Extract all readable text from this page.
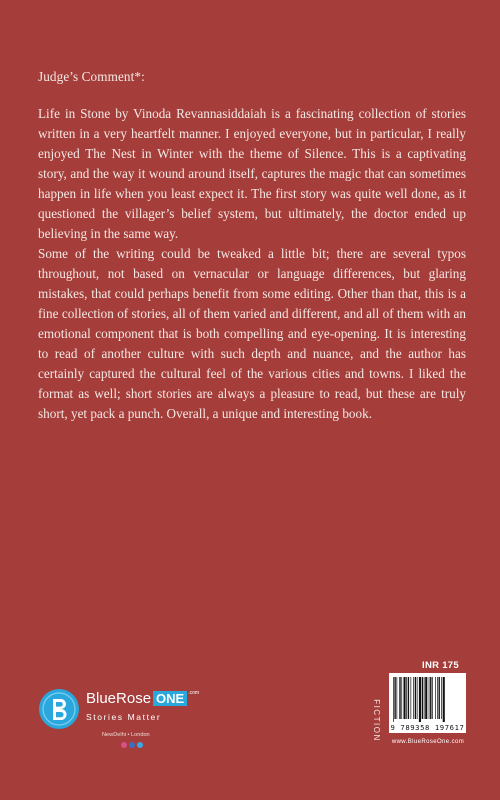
Judge’s Comment*:

Life in Stone by Vinoda Revannasiddaiah is a fascinating collection of stories written in a very heartfelt manner. I enjoyed everyone, but in particular, I really enjoyed The Nest in Winter with the theme of Silence. This is a captivating story, and the way it wound around itself, captures the magic that can sometimes happen in life when you least expect it. The first story was quite well done, as it questioned the villager’s belief system, but ultimately, the doctor ended up believing in the same way.

Some of the writing could be tweaked a little bit; there are several typos throughout, not based on vernacular or language differences, but glaring mistakes, that could perhaps benefit from some editing. Other than that, this is a fine collection of stories, all of them varied and different, and all of them with an emotional component that is both compelling and eye-opening. It is interesting to read of another culture with such depth and nuance, and the author has certainly captured the cultural feel of the various cities and towns. I liked the format as well; short stories are always a pleasure to read, but these are truly short, yet pack a punch. Overall, a unique and interesting book.

BlueRose ONE $^{.com}$
Stories Matter
NewDelhi • London
INR 175
FICTION 9 789358 197617
www.BlueRoseOne.com
